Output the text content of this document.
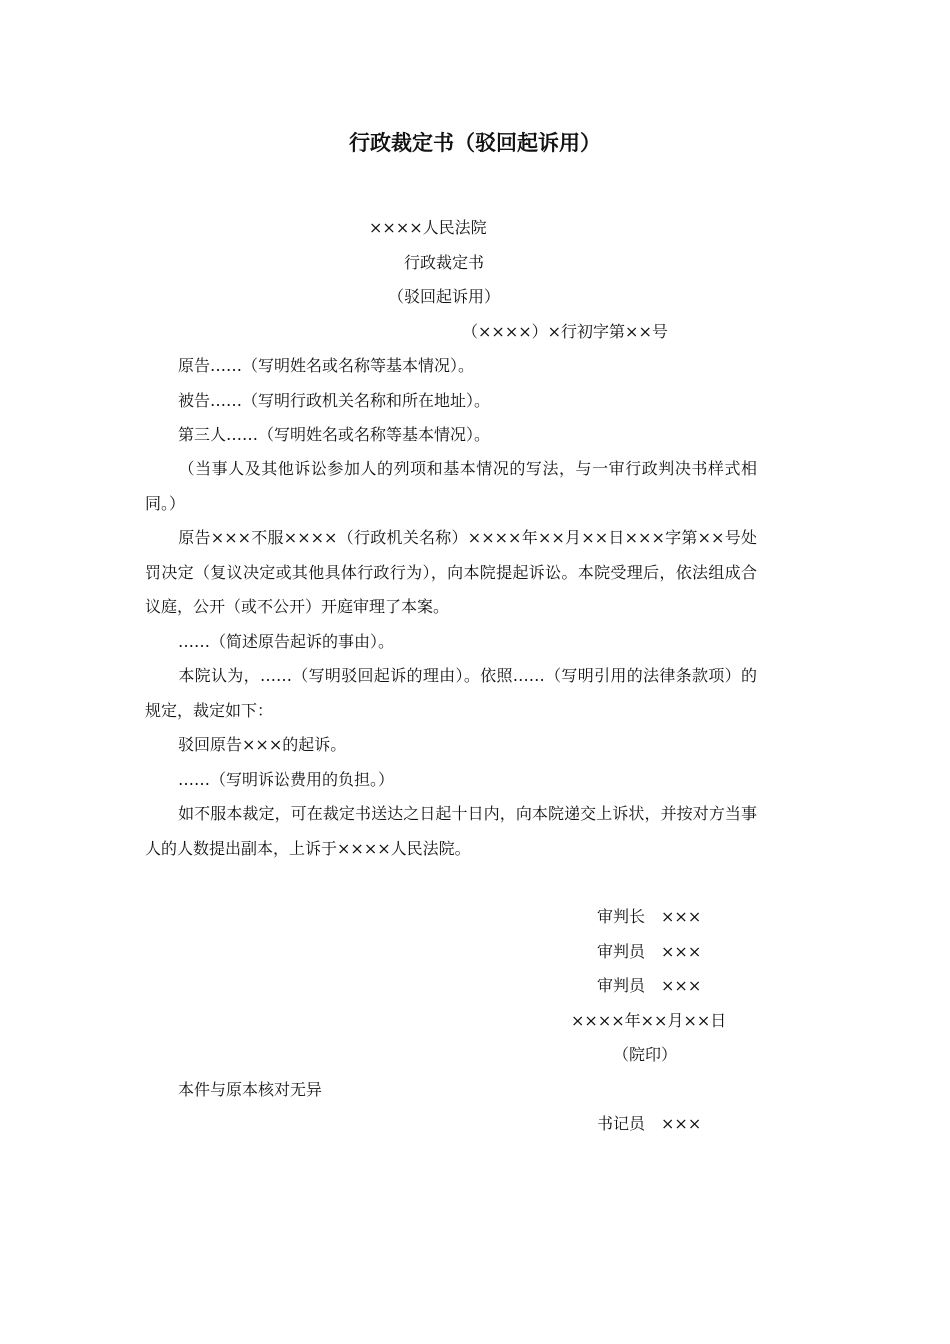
行政裁定书（驳回起诉用）
××××人民法院
行政裁定书
（驳回起诉用）
（××××）×行初字第××号
原告……（写明姓名或名称等基本情况）。
被告……（写明行政机关名称和所在地址）。
第三人……（写明姓名或名称等基本情况）。
（当事人及其他诉讼参加人的列项和基本情况的写法，与一审行政判决书样式相同。）
原告×××不服××××（行政机关名称）××××年××月××日×××字第××号处罚决定（复议决定或其他具体行政行为），向本院提起诉讼。本院受理后，依法组成合议庭，公开（或不公开）开庭审理了本案。
……（简述原告起诉的事由）。
本院认为，……（写明驳回起诉的理由）。依照……（写明引用的法律条款项）的规定，裁定如下：
驳回原告×××的起诉。
……（写明诉讼费用的负担。）
如不服本裁定，可在裁定书送达之日起十日内，向本院递交上诉状，并按对方当事人的人数提出副本，上诉于××××人民法院。
审判长　×××
审判员　×××
审判员　×××
××××年××月××日
（院印）
本件与原本核对无异
书记员　×××
